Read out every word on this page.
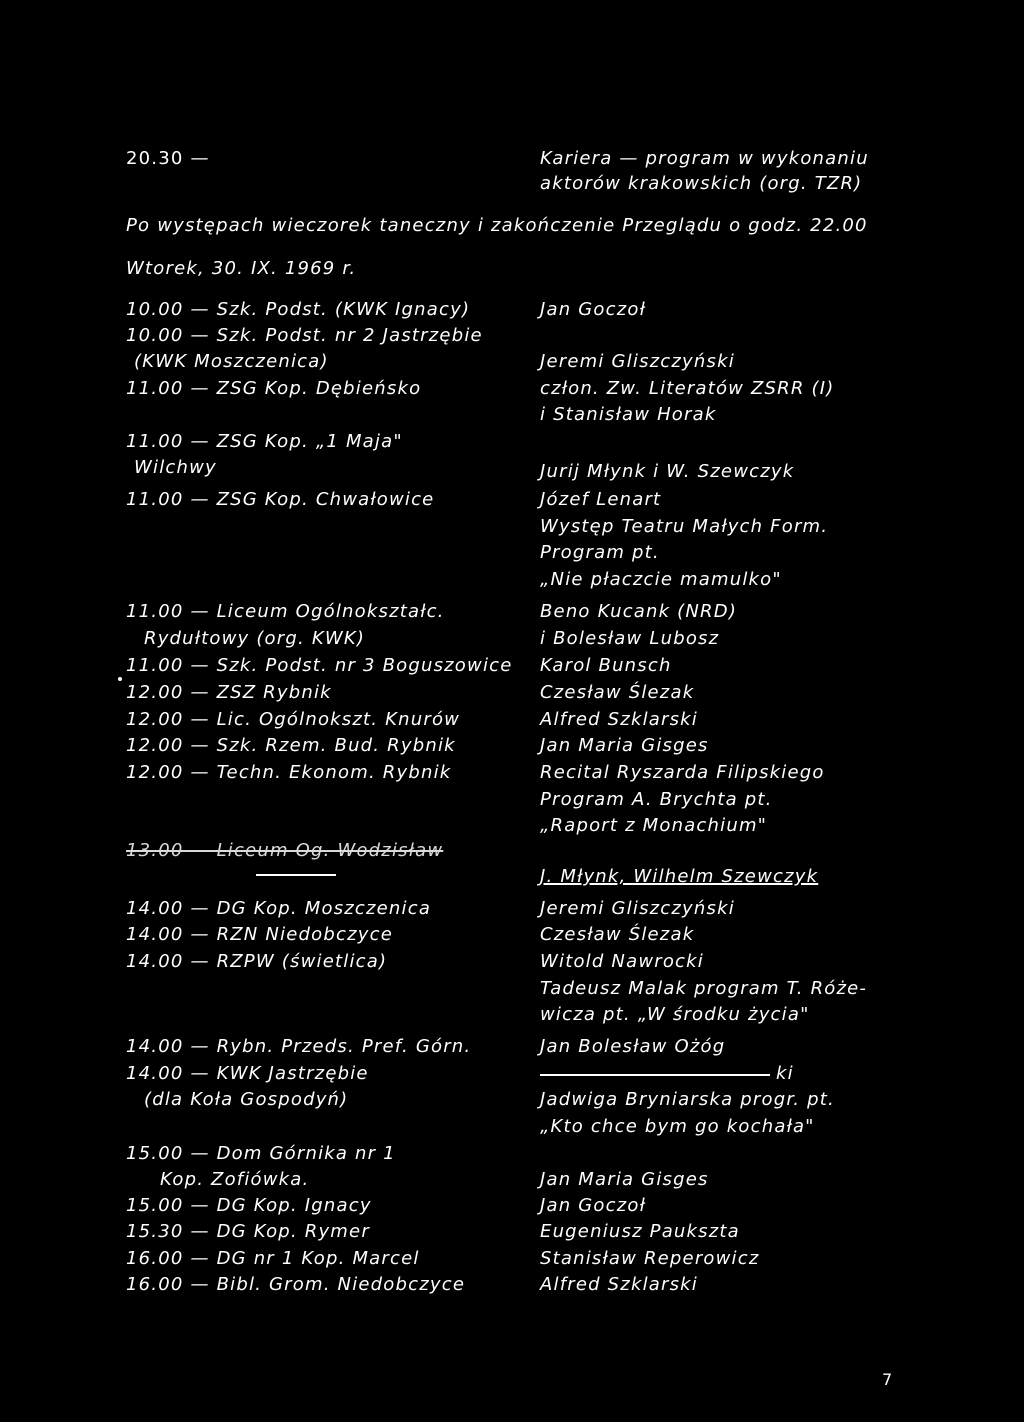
20.30 —	Kariera — program w wykonaniu
aktorów krakowskich (org. TZR)
Po występach wieczorek taneczny i zakończenie Przeglądu o godz. 22.00
Wtorek, 30. IX. 1969 r.
10.00 — Szk. Podst. (KWK Ignacy)
10.00 — Szk. Podst. nr 2 Jastrzębie
(KWK Moszczenica)
11.00 — ZSG Kop. Dębieńsko
11.00 — ZSG Kop. „1 Maja"
Wilchwy
11.00 — ZSG Kop. Chwałowice
11.00 — Liceum Ogólnokształc.
Rydułtowy (org. KWK)
11.00 — Szk. Podst. nr 3 Boguszowice
12.00 — ZSZ Rybnik
12.00 — Lic. Ogólnokszt. Knurów
12.00 — Szk. Rzem. Bud. Rybnik
12.00 — Techn. Ekonom. Rybnik
13.00 — Liceum Og. Wodzisław
14.00 — DG Kop. Moszczenica
14.00 — RZN Niedobczyce
14.00 — RZPW (świetlica)
14.00 — Rybn. Przeds. Pref. Górn.
14.00 — KWK Jastrzębie
(dla Koła Gospodyń)
15.00 — Dom Górnika nr 1
Kop. Zofiówka.
15.00 — DG Kop. Ignacy
15.30 — DG Kop. Rymer
16.00 — DG nr 1 Kop. Marcel
16.00 — Bibl. Grom. Niedobczyce
Jan Goczoł
Jeremi Gliszczyński
człon. Zw. Literatów ZSRR (I)
i Stanisław Horak
Jurij Młynk i W. Szewczyk
Józef Lenart
Występ Teatru Małych Form.
Program pt.
„Nie płaczcie mamulko"
Beno Kucank (NRD)
i Bolesław Lubosz
Karol Bunsch
Czesław Ślezak
Alfred Szklarski
Jan Maria Gisges
Recital Ryszarda Filipskiego
Program A. Brychta pt.
„Raport z Monachium"
J. Młynk, Wilhelm Szewczyk
Jeremi Gliszczyński
Czesław Ślezak
Witold Nawrocki
Tadeusz Malak program T. Róże-
wicza pt. „W środku życia"
Jan Bolesław Ożóg
ki
Jadwiga Bryniarska progr. pt.
„Kto chce bym go kochała"
Jan Maria Gisges
Jan Goczoł
Eugeniusz Paukszta
Stanisław Reperowicz
Alfred Szklarski
7
